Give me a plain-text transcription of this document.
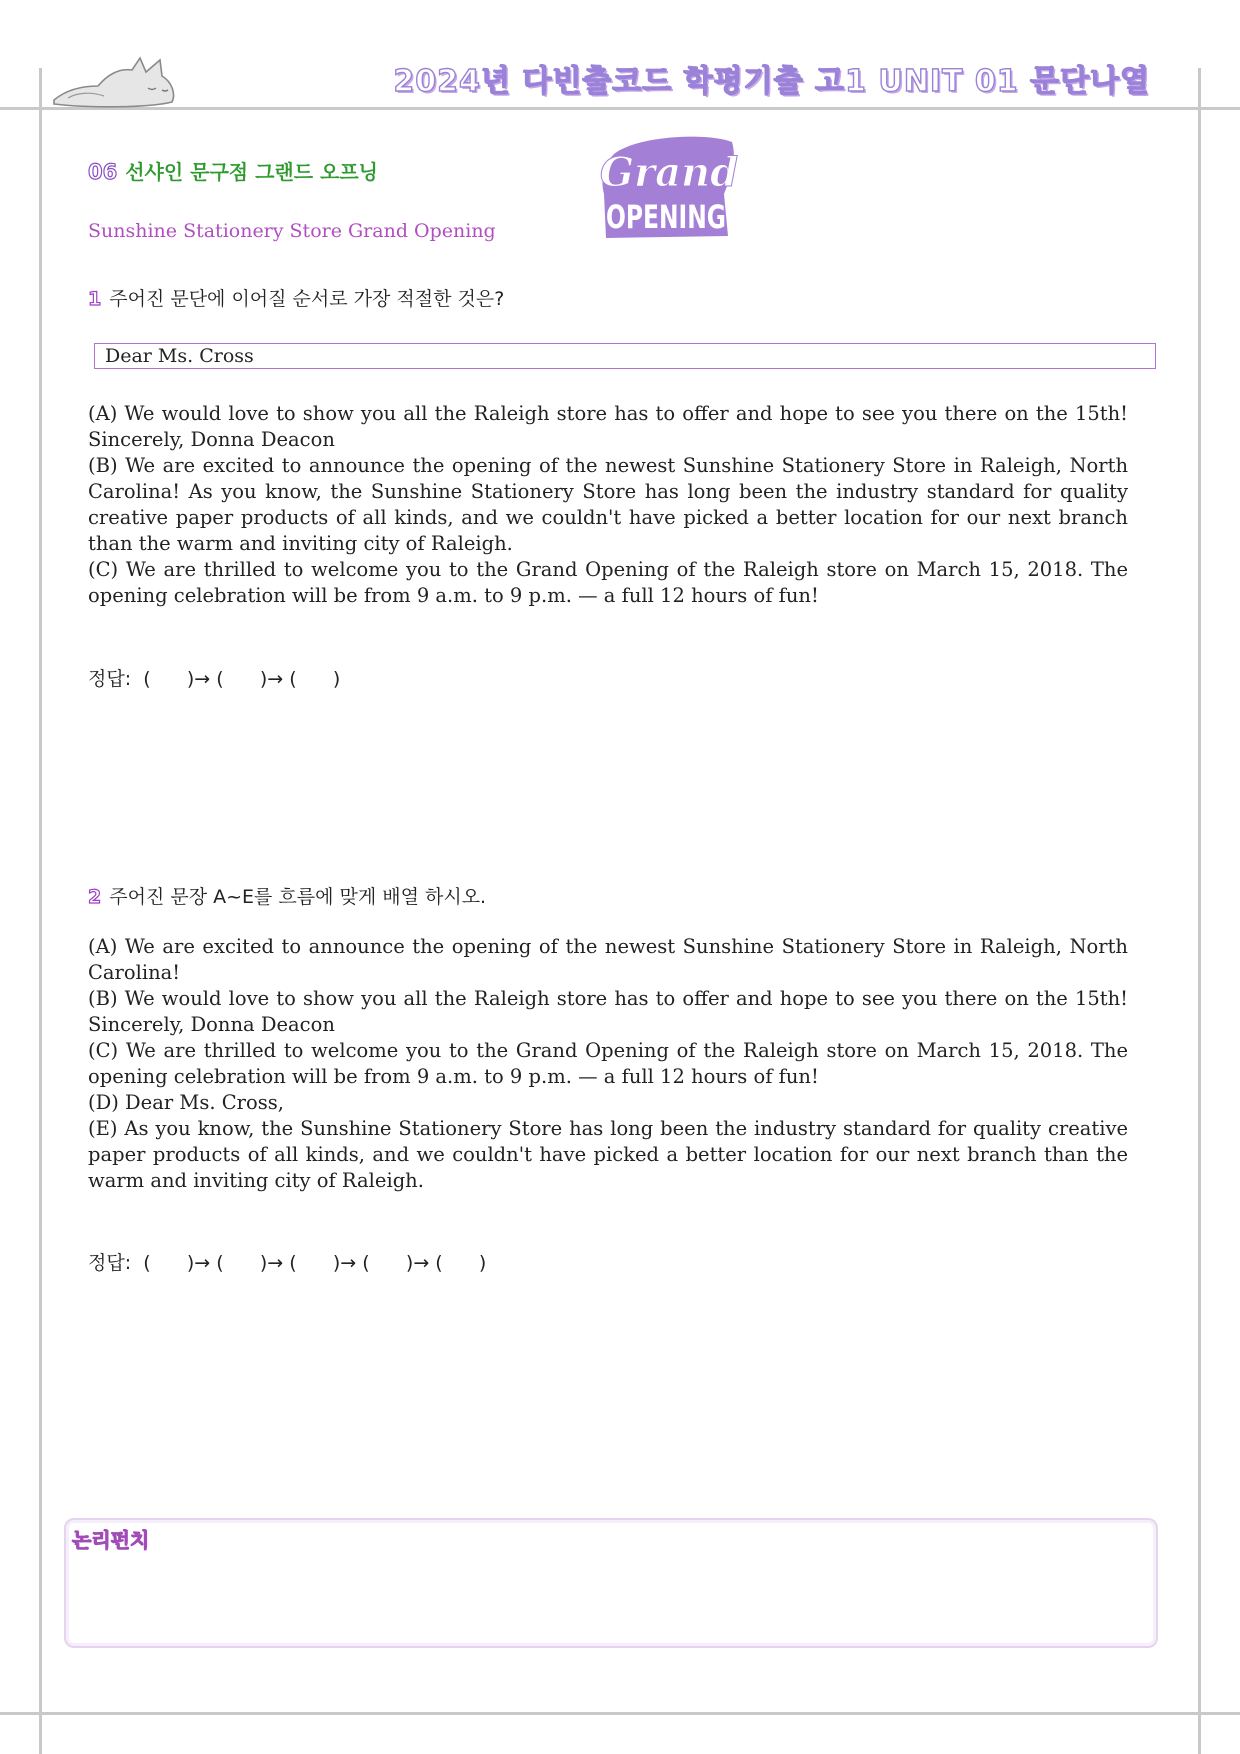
2024년 다빈출코드 학평기출 고1 UNIT 01 문단나열
06 선샤인 문구점 그랜드 오프닝
Sunshine Stationery Store Grand Opening
Grand
OPENING
1 주어진 문단에 이어질 순서로 가장 적절한 것은?
Dear Ms. Cross
(A) We would love to show you all the Raleigh store has to offer and hope to see you there on the 15th! Sincerely, Donna Deacon
(B) We are excited to announce the opening of the newest Sunshine Stationery Store in Raleigh, North Carolina! As you know, the Sunshine Stationery Store has long been the industry standard for quality creative paper products of all kinds, and we couldn't have picked a better location for our next branch than the warm and inviting city of Raleigh.
(C) We are thrilled to welcome you to the Grand Opening of the Raleigh store on March 15, 2018. The opening celebration will be from 9 a.m. to 9 p.m. — a full 12 hours of fun!
정답:  (      )→ (      )→ (      )
2 주어진 문장 A~E를 흐름에 맞게 배열 하시오.
(A) We are excited to announce the opening of the newest Sunshine Stationery Store in Raleigh, North Carolina!
(B) We would love to show you all the Raleigh store has to offer and hope to see you there on the 15th! Sincerely, Donna Deacon
(C) We are thrilled to welcome you to the Grand Opening of the Raleigh store on March 15, 2018. The opening celebration will be from 9 a.m. to 9 p.m. — a full 12 hours of fun!
(D) Dear Ms. Cross,
(E) As you know, the Sunshine Stationery Store has long been the industry standard for quality creative paper products of all kinds, and we couldn't have picked a better location for our next branch than the warm and inviting city of Raleigh.
정답:  (      )→ (      )→ (      )→ (      )→ (      )
논리펀치
